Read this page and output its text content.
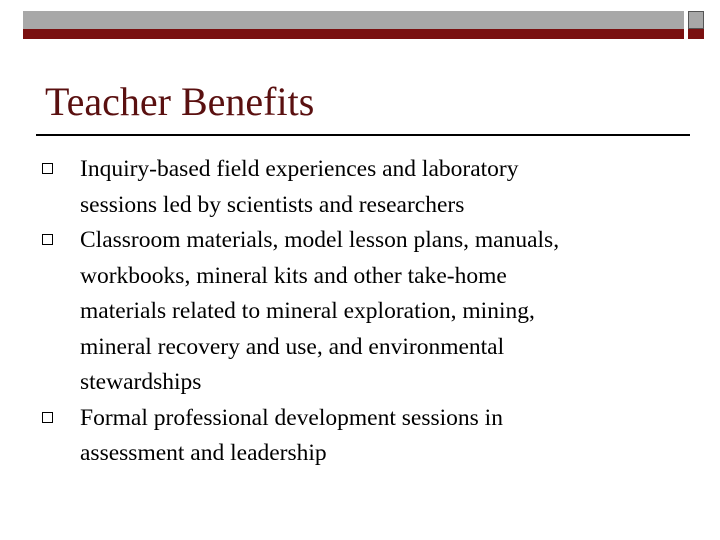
Teacher Benefits
Inquiry-based field experiences and laboratory
sessions led by scientists and researchers
Classroom materials, model lesson plans, manuals,
workbooks, mineral kits and other take-home
materials related to mineral exploration, mining,
mineral recovery and use, and environmental
stewardships
Formal professional development sessions in
assessment and leadership
